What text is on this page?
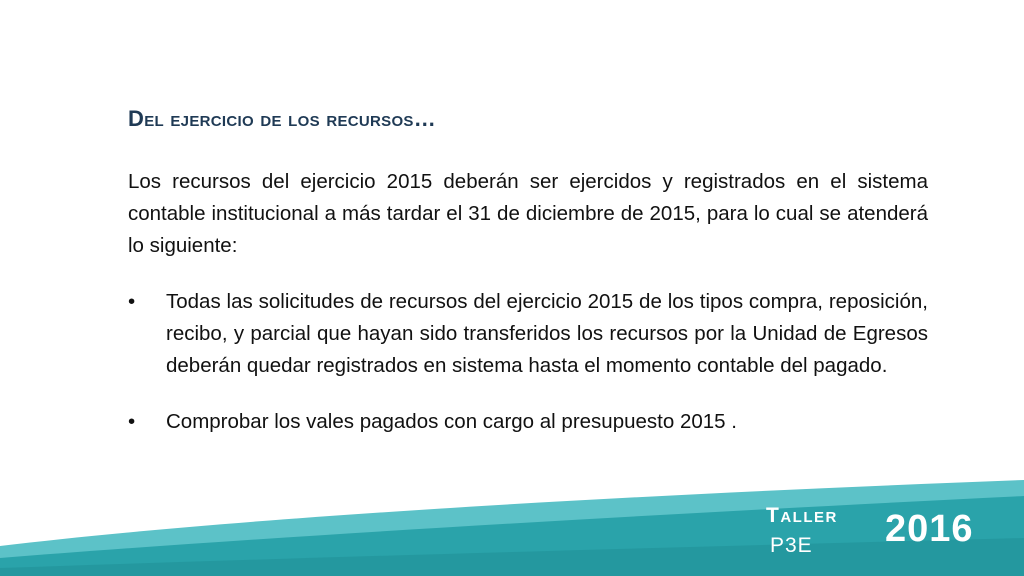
Del ejercicio de los recursos…

Los recursos del ejercicio 2015 deberán ser ejercidos y registrados en el sistema contable institucional a más tardar el 31 de diciembre de 2015, para lo cual se atenderá lo siguiente:

• Todas las solicitudes de recursos del ejercicio 2015 de los tipos compra, reposición, recibo, y parcial que hayan sido transferidos los recursos por la Unidad de Egresos deberán quedar registrados en sistema hasta el momento contable del pagado.
• Comprobar los vales pagados con cargo al presupuesto 2015 .
Taller
P3E 2016
